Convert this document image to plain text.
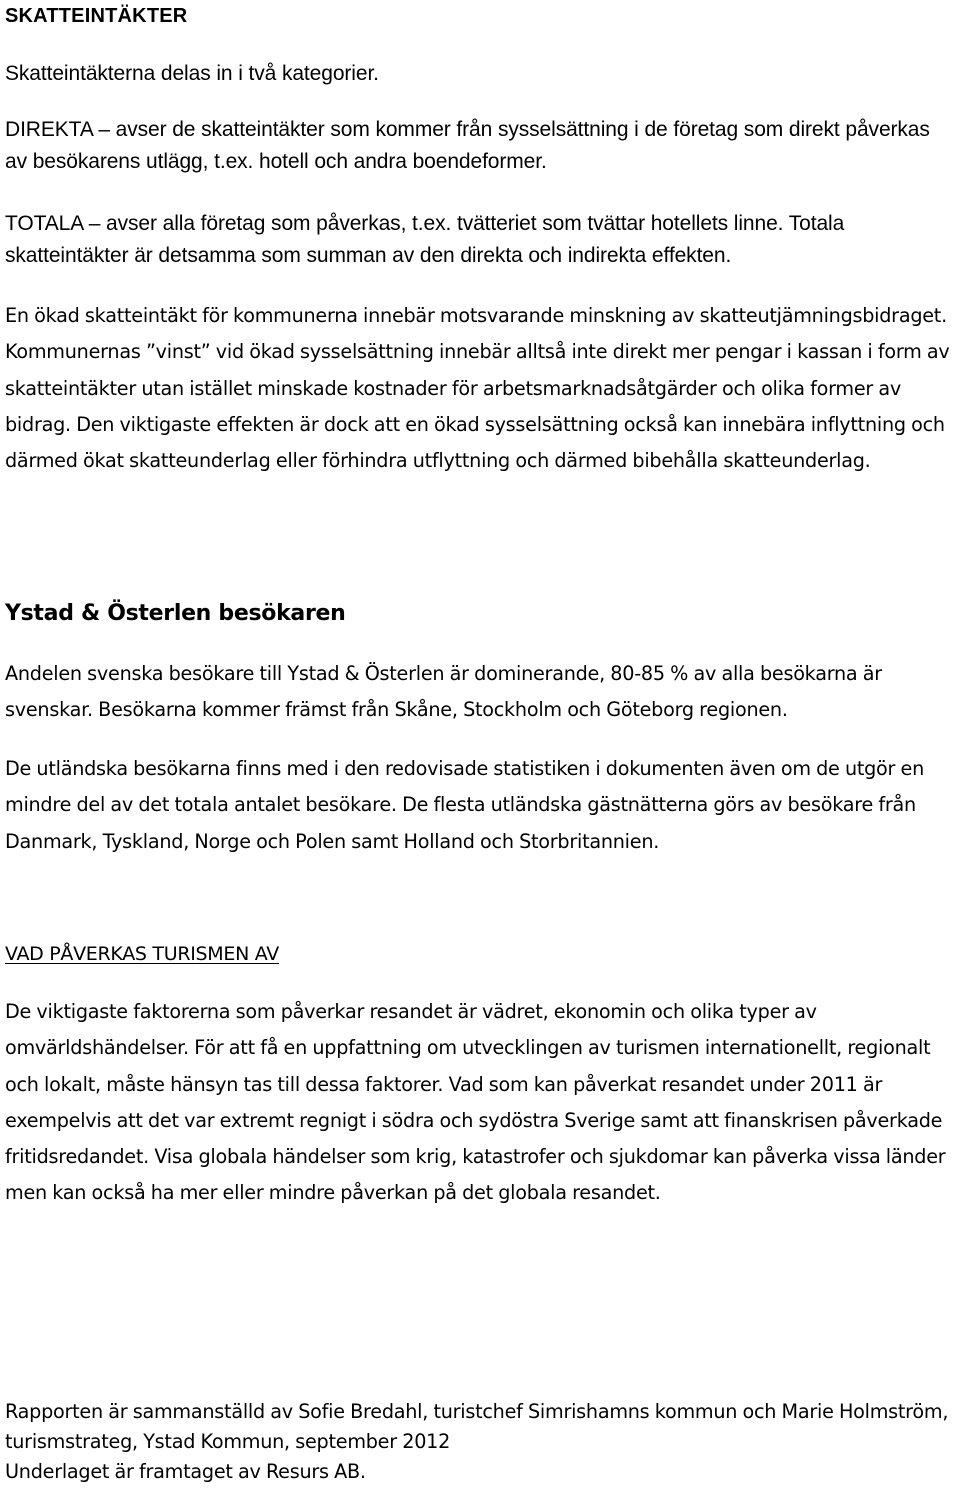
SKATTEINTÄKTER

Skatteintäkterna delas in i två kategorier.

DIREKTA – avser de skatteintäkter som kommer från sysselsättning i de företag som direkt påverkas av besökarens utlägg, t.ex. hotell och andra boendeformer.

TOTALA – avser alla företag som påverkas, t.ex. tvätteriet som tvättar hotellets linne. Totala skatteintäkter är detsamma som summan av den direkta och indirekta effekten.

En ökad skatteintäkt för kommunerna innebär motsvarande minskning av skatteutjämningsbidraget. Kommunernas ”vinst” vid ökad sysselsättning innebär alltså inte direkt mer pengar i kassan i form av skatteintäkter utan istället minskade kostnader för arbetsmarknadsåtgärder och olika former av bidrag. Den viktigaste effekten är dock att en ökad sysselsättning också kan innebära inflyttning och därmed ökat skatteunderlag eller förhindra utflyttning och därmed bibehålla skatteunderlag.

Ystad & Österlen besökaren

Andelen svenska besökare till Ystad & Österlen är dominerande, 80-85 % av alla besökarna är svenskar. Besökarna kommer främst från Skåne, Stockholm och Göteborg regionen.

De utländska besökarna finns med i den redovisade statistiken i dokumenten även om de utgör en mindre del av det totala antalet besökare. De flesta utländska gästnätterna görs av besökare från Danmark, Tyskland, Norge och Polen samt Holland och Storbritannien.

VAD PÅVERKAS TURISMEN AV

De viktigaste faktorerna som påverkar resandet är vädret, ekonomin och olika typer av omvärldshändelser. För att få en uppfattning om utvecklingen av turismen internationellt, regionalt och lokalt, måste hänsyn tas till dessa faktorer. Vad som kan påverkat resandet under 2011 är exempelvis att det var extremt regnigt i södra och sydöstra Sverige samt att finanskrisen påverkade fritidsredandet. Visa globala händelser som krig, katastrofer och sjukdomar kan påverka vissa länder men kan också ha mer eller mindre påverkan på det globala resandet.

Rapporten är sammanställd av Sofie Bredahl, turistchef Simrishamns kommun och Marie Holmström, turismstrateg, Ystad Kommun, september 2012

Underlaget är framtaget av Resurs AB.
